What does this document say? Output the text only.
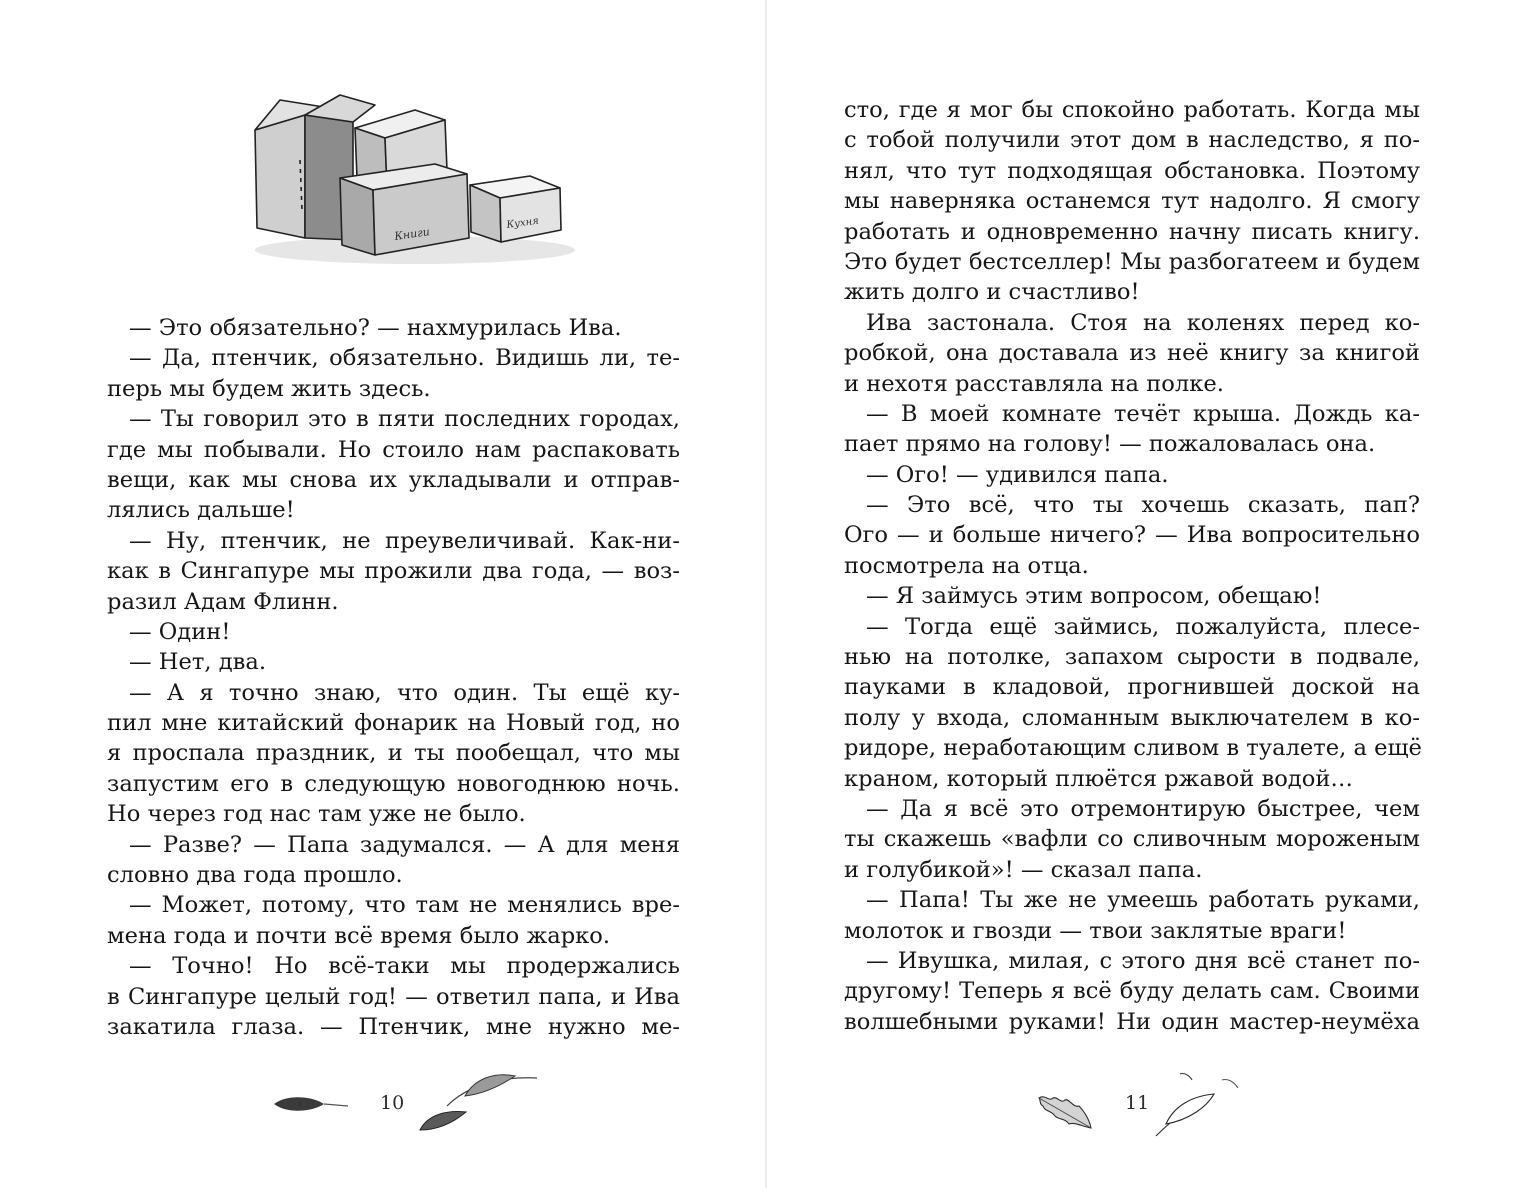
Книги
Кухня
— Это обязательно? — нахмурилась Ива.
— Да, птенчик, обязательно. Видишь ли, те-
перь мы будем жить здесь.
— Ты говорил это в пяти последних городах,
где мы побывали. Но стоило нам распаковать
вещи, как мы снова их укладывали и отправ-
лялись дальше!
— Ну, птенчик, не преувеличивай. Как-ни-
как в Сингапуре мы прожили два года, — воз-
разил Адам Флинн.
— Один!
— Нет, два.
— А я точно знаю, что один. Ты ещё ку-
пил мне китайский фонарик на Новый год, но
я проспала праздник, и ты пообещал, что мы
запустим его в следующую новогоднюю ночь.
Но через год нас там уже не было.
— Разве? — Папа задумался. — А для меня
словно два года прошло.
— Может, потому, что там не менялись вре-
мена года и почти всё время было жарко.
— Точно! Но всё-таки мы продержались
в Сингапуре целый год! — ответил папа, и Ива
закатила глаза. — Птенчик, мне нужно ме-
10
сто, где я мог бы спокойно работать. Когда мы
с тобой получили этот дом в наследство, я по-
нял, что тут подходящая обстановка. Поэтому
мы наверняка останемся тут надолго. Я смогу
работать и одновременно начну писать книгу.
Это будет бестселлер! Мы разбогатеем и будем
жить долго и счастливо!
Ива застонала. Стоя на коленях перед ко-
робкой, она доставала из неё книгу за книгой
и нехотя расставляла на полке.
— В моей комнате течёт крыша. Дождь ка-
пает прямо на голову! — пожаловалась она.
— Ого! — удивился папа.
— Это всё, что ты хочешь сказать, пап?
Ого — и больше ничего? — Ива вопросительно
посмотрела на отца.
— Я займусь этим вопросом, обещаю!
— Тогда ещё займись, пожалуйста, плесе-
нью на потолке, запахом сырости в подвале,
пауками в кладовой, прогнившей доской на
полу у входа, сломанным выключателем в ко-
ридоре, неработающим сливом в туалете, а ещё
краном, который плюётся ржавой водой…
— Да я всё это отремонтирую быстрее, чем
ты скажешь «вафли со сливочным мороженым
и голубикой»! — сказал папа.
— Папа! Ты же не умеешь работать руками,
молоток и гвозди — твои заклятые враги!
— Ивушка, милая, с этого дня всё станет по-
другому! Теперь я всё буду делать сам. Своими
волшебными руками! Ни один мастер-неумёха
11
